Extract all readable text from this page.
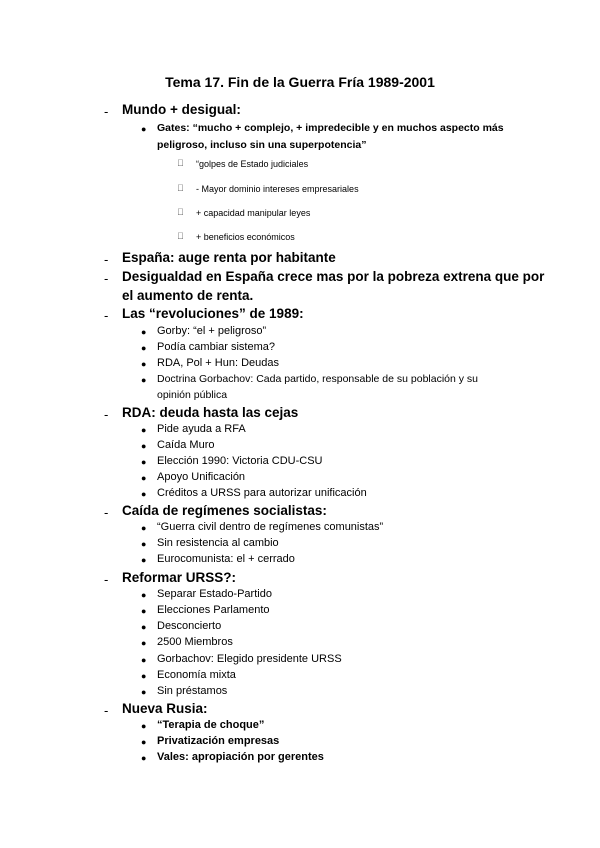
Tema 17. Fin de la Guerra Fría 1989-2001
- Mundo + desigual:
● Gates: “mucho + complejo, + impredecible y en muchos aspecto más
peligroso, incluso sin una superpotencia”
“golpes de Estado judiciales
- Mayor dominio intereses empresariales
+ capacidad manipular leyes
+ beneficios económicos
- España: auge renta por habitante
- Desigualdad en España crece mas por la pobreza extrena que por
el aumento de renta.
- Las “revoluciones” de 1989:
● Gorby: “el + peligroso”
● Podía cambiar sistema?
● RDA, Pol + Hun: Deudas
● Doctrina Gorbachov: Cada partido, responsable de su población y su
opinión pública
- RDA: deuda hasta las cejas
● Pide ayuda a RFA
● Caída Muro
● Elección 1990: Victoria CDU-CSU
● Apoyo Unificación
● Créditos a URSS para autorizar unificación
- Caída de regímenes socialistas:
● “Guerra civil dentro de regímenes comunistas”
● Sin resistencia al cambio
● Eurocomunista: el + cerrado
- Reformar URSS?:
● Separar Estado-Partido
● Elecciones Parlamento
● Desconcierto
● 2500 Miembros
● Gorbachov: Elegido presidente URSS
● Economía mixta
● Sin préstamos
- Nueva Rusia:
● “Terapia de choque”
● Privatización empresas
● Vales: apropiación por gerentes
